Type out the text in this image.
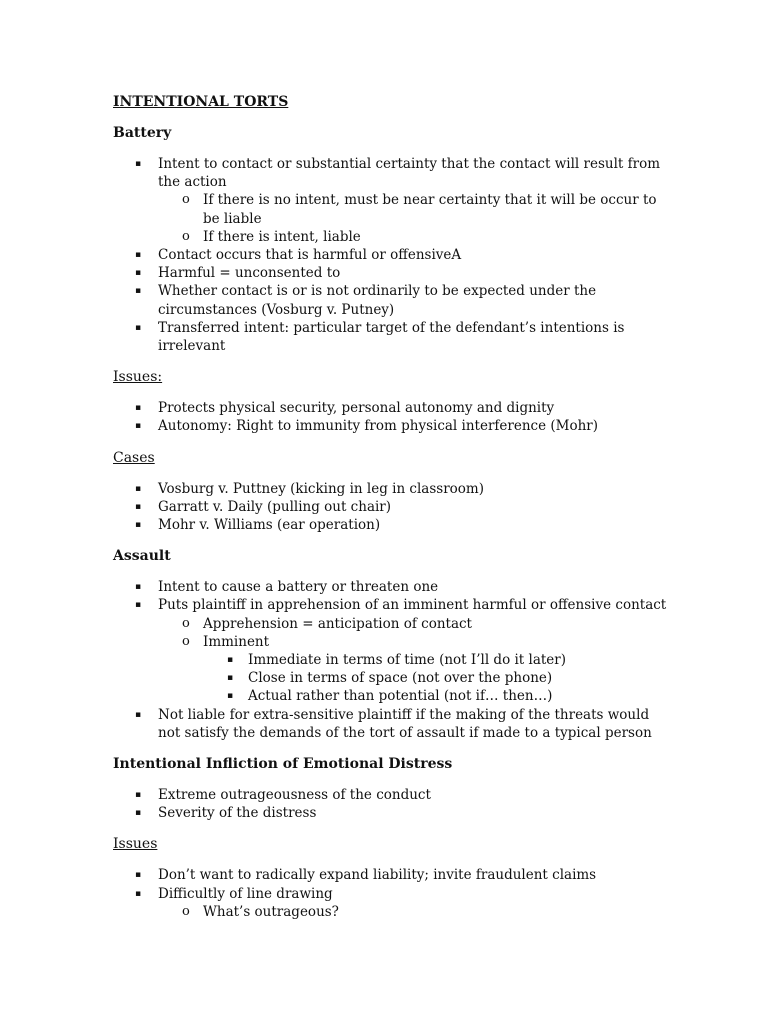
INTENTIONAL TORTS
Battery
▪ Intent to contact or substantial certainty that the contact will result from the action
o If there is no intent, must be near certainty that it will be occur to be liable
o If there is intent, liable
▪ Contact occurs that is harmful or offensiveA
▪ Harmful = unconsented to
▪ Whether contact is or is not ordinarily to be expected under the circumstances (Vosburg v. Putney)
▪ Transferred intent: particular target of the defendant’s intentions is irrelevant
Issues:
▪ Protects physical security, personal autonomy and dignity
▪ Autonomy: Right to immunity from physical interference (Mohr)
Cases
▪ Vosburg v. Puttney (kicking in leg in classroom)
▪ Garratt v. Daily (pulling out chair)
▪ Mohr v. Williams (ear operation)
Assault
▪ Intent to cause a battery or threaten one
▪ Puts plaintiff in apprehension of an imminent harmful or offensive contact
o Apprehension = anticipation of contact
o Imminent
▪ Immediate in terms of time (not I’ll do it later)
▪ Close in terms of space (not over the phone)
▪ Actual rather than potential (not if… then…)
▪ Not liable for extra-sensitive plaintiff if the making of the threats would not satisfy the demands of the tort of assault if made to a typical person
Intentional Infliction of Emotional Distress
▪ Extreme outrageousness of the conduct
▪ Severity of the distress
Issues
▪ Don’t want to radically expand liability; invite fraudulent claims
▪ Difficultly of line drawing
o What’s outrageous?
